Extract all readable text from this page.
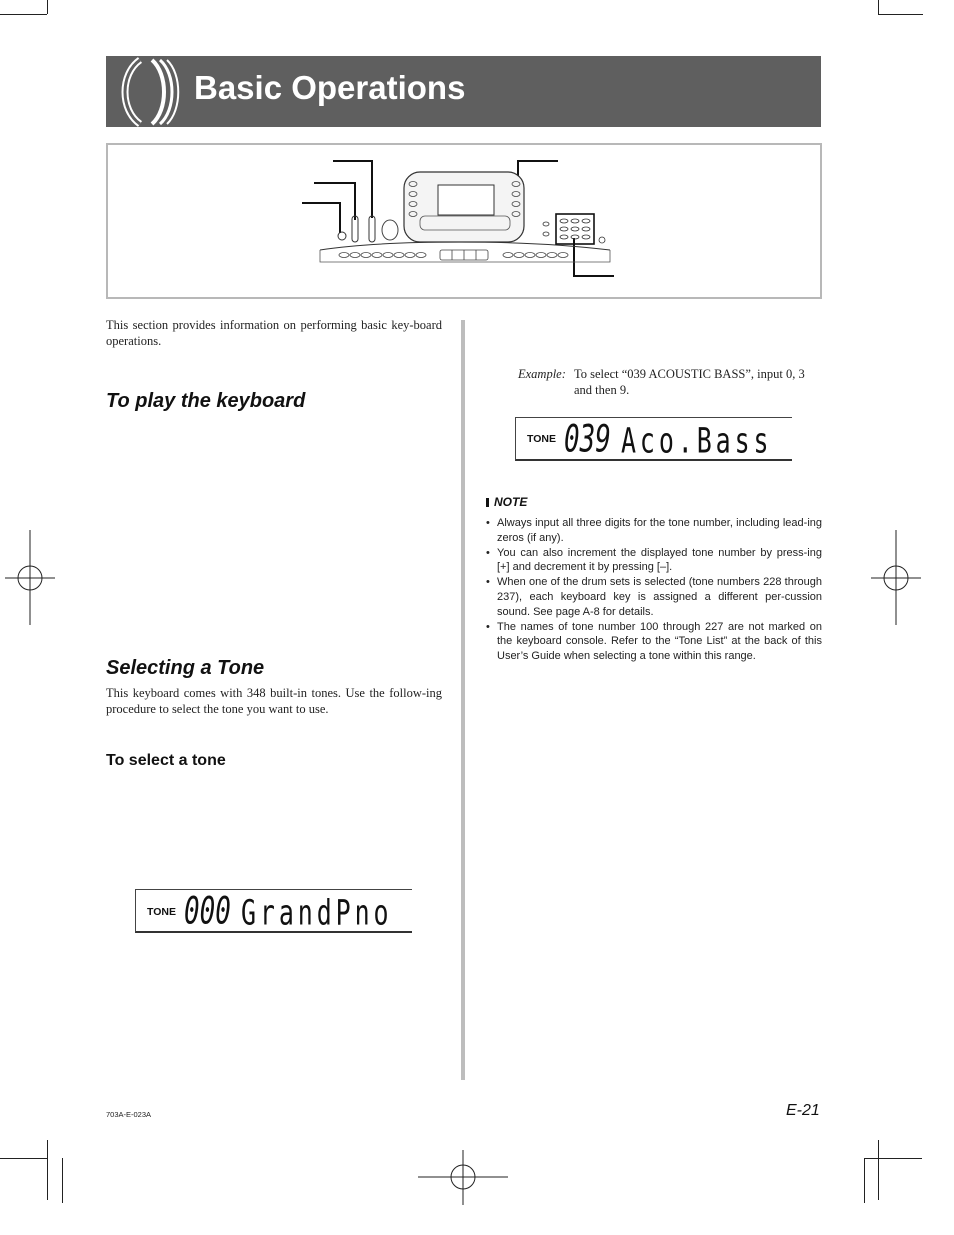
Basic Operations
This section provides information on performing basic key-board operations.
To play the keyboard
Selecting a Tone
This keyboard comes with 348 built-in tones. Use the follow-ing procedure to select the tone you want to use.
To select a tone
TONE 000 GrandPno
Example: To select “039 ACOUSTIC BASS”, input 0, 3 and then 9.
TONE 039 Aco.Bass
NOTE
• Always input all three digits for the tone number, including lead-ing zeros (if any).
• You can also increment the displayed tone number by press-ing [+] and decrement it by pressing [–].
• When one of the drum sets is selected (tone numbers 228 through 237), each keyboard key is assigned a different per-cussion sound. See page A-8 for details.
• The names of tone number 100 through 227 are not marked on the keyboard console. Refer to the “Tone List” at the back of this User’s Guide when selecting a tone within this range.
703A-E-023A	E-21
